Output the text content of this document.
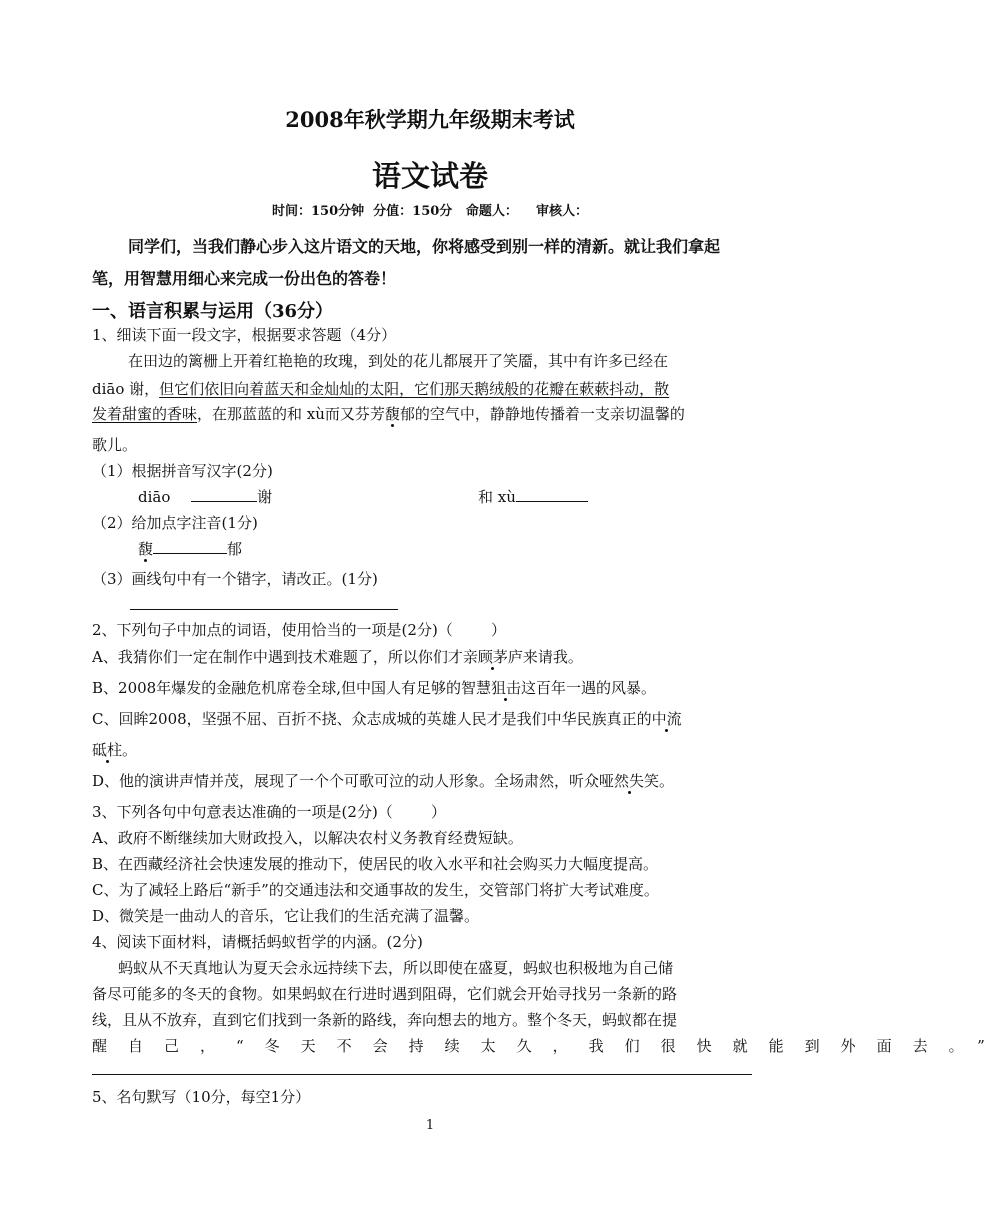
2008年秋学期九年级期末考试
语文试卷
时间：150分钟  分值：150分   命题人：    审核人：
同学们，当我们静心步入这片语文的天地，你将感受到别一样的清新。就让我们拿起
笔，用智慧用细心来完成一份出色的答卷！
一、语言积累与运用（36分）
1、细读下面一段文字，根据要求答题（4分）
在田边的篱栅上开着红艳艳的玫瑰，到处的花儿都展开了笑靥，其中有许多已经在
diāo 谢，但它们依旧向着蓝天和金灿灿的太阳，它们那天鹅绒般的花瓣在蔌蔌抖动，散
发着甜蜜的香味，在那蓝蓝的和 xù而又芬芳馥郁的空气中，静静地传播着一支亲切温馨的
歌儿。
（1）根据拼音写汉字(2分)
diāo	谢	和 xù
（2）给加点字注音(1分)
馥	郁
（3）画线句中有一个错字，请改正。(1分)
2、下列句子中加点的词语，使用恰当的一项是(2分)（        ）
A、我猜你们一定在制作中遇到技术难题了，所以你们才亲顾茅庐来请我。
B、2008年爆发的金融危机席卷全球,但中国人有足够的智慧狙击这百年一遇的风暴。
C、回眸2008，坚强不屈、百折不挠、众志成城的英雄人民才是我们中华民族真正的中流
砥柱。
D、他的演讲声情并茂，展现了一个个可歌可泣的动人形象。全场肃然，听众哑然失笑。
3、下列各句中句意表达准确的一项是(2分)（        ）
A、政府不断继续加大财政投入，以解决农村义务教育经费短缺。
B、在西藏经济社会快速发展的推动下，使居民的收入水平和社会购买力大幅度提高。
C、为了减轻上路后“新手”的交通违法和交通事故的发生，交管部门将扩大考试难度。
D、微笑是一曲动人的音乐，它让我们的生活充满了温馨。
4、阅读下面材料，请概括蚂蚁哲学的内涵。(2分)
蚂蚁从不天真地认为夏天会永远持续下去，所以即使在盛夏，蚂蚁也积极地为自己储
备尽可能多的冬天的食物。如果蚂蚁在行进时遇到阻碍，它们就会开始寻找另一条新的路
线，且从不放弃，直到它们找到一条新的路线，奔向想去的地方。整个冬天，蚂蚁都在提
醒自己，“冬天不会持续太久，我们很快就能到外面去。”
5、名句默写（10分，每空1分）
1
